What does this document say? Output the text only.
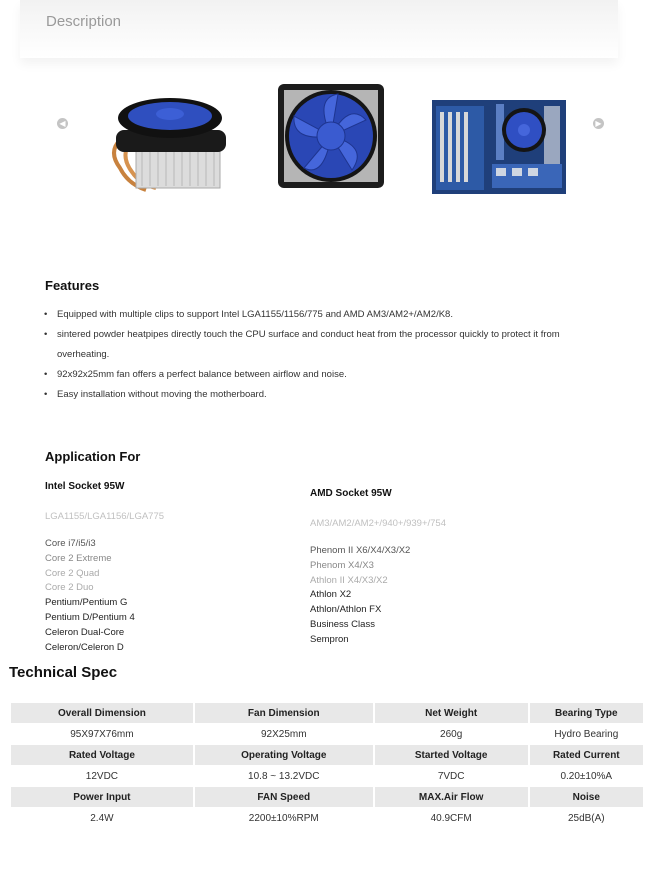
Description
◀	▶
Features
• Equipped with multiple clips to support Intel LGA1155/1156/775 and AMD AM3/AM2+/AM2/K8.
• sintered powder heatpipes directly touch the CPU surface and conduct heat from the processor quickly to protect it from overheating.
• 92x92x25mm fan offers a perfect balance between airflow and noise.
• Easy installation without moving the motherboard.
Application For
Intel Socket 95W
LGA1155/LGA1156/LGA775
Core i7/i5/i3
Core 2 Extreme
Core 2 Quad
Core 2 Duo
Pentium/Pentium G
Pentium D/Pentium 4
Celeron Dual-Core
Celeron/Celeron D
AMD Socket 95W
AM3/AM2/AM2+/940+/939+/754
Phenom II X6/X4/X3/X2
Phenom X4/X3
Athlon II X4/X3/X2
Athlon X2
Athlon/Athlon FX
Business Class
Sempron
Technical Spec
Overall Dimension	Fan Dimension	Net Weight	Bearing Type
95X97X76mm	92X25mm	260g	Hydro Bearing
Rated Voltage	Operating Voltage	Started Voltage	Rated Current
12VDC	10.8 ~ 13.2VDC	7VDC	0.20±10%A
Power Input	FAN Speed	MAX.Air Flow	Noise
2.4W	2200±10%RPM	40.9CFM	25dB(A)
